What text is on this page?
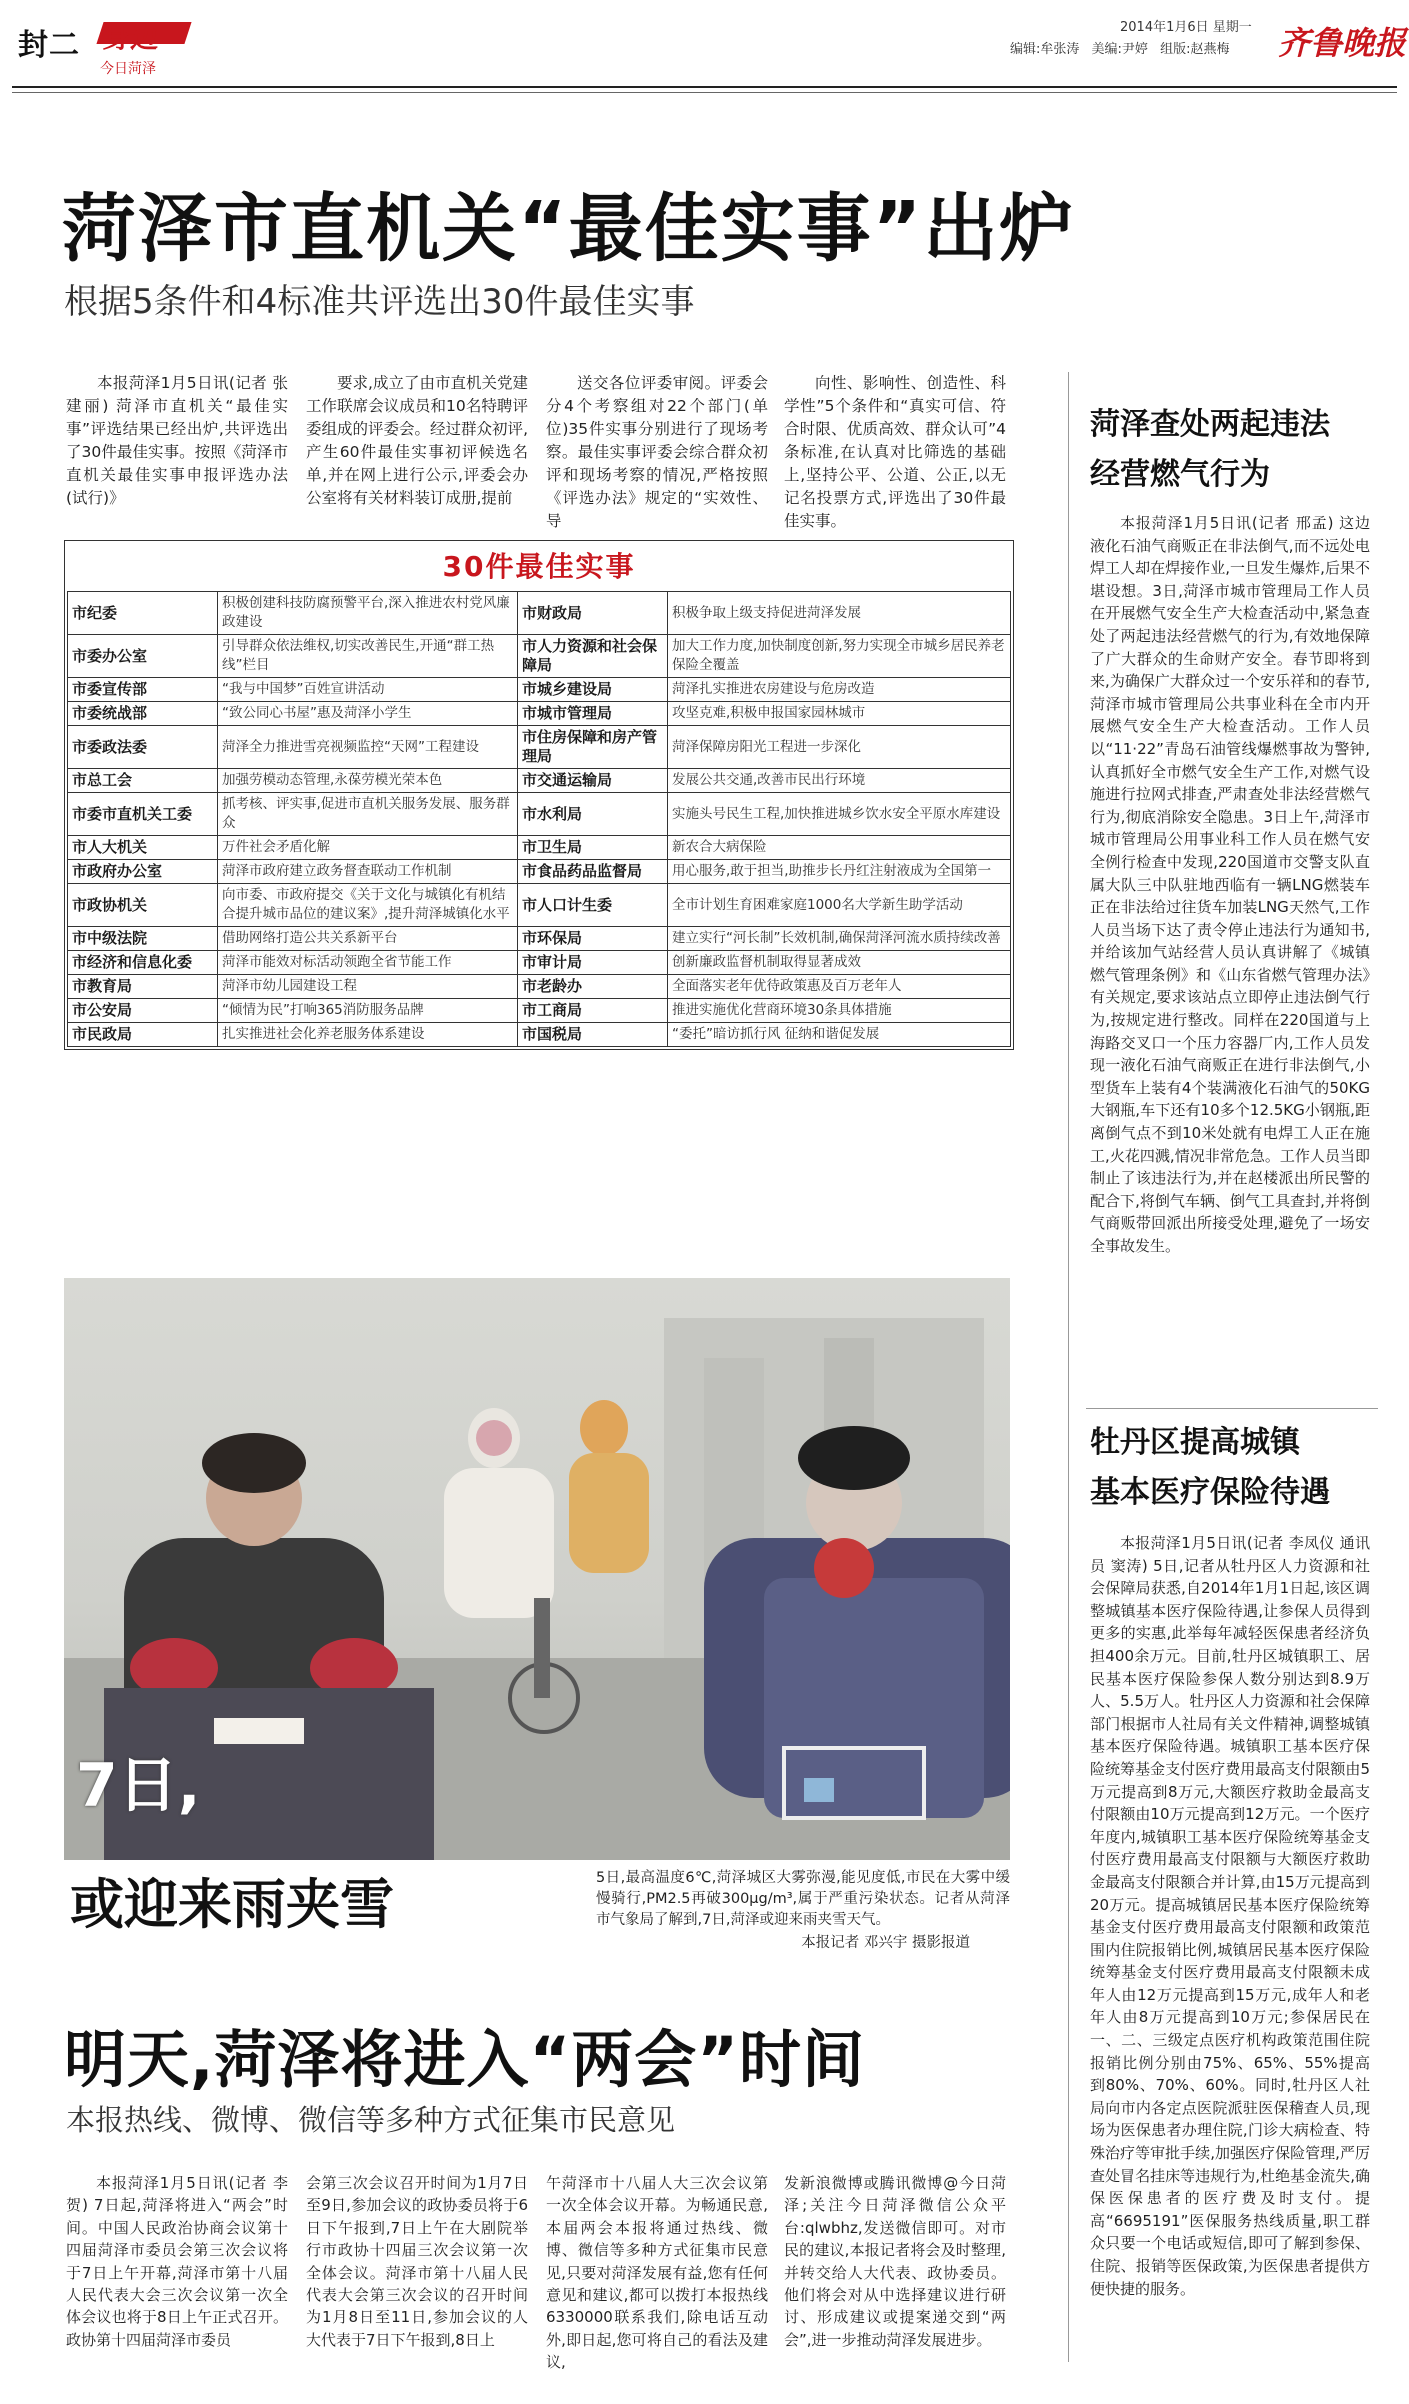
封二 身边
今日菏泽
2014年1月6日 星期一
编辑:牟张涛 美编:尹婷 组版:赵燕梅 齐鲁晚报
菏泽市直机关“最佳实事”出炉
根据5条件和4标准共评选出30件最佳实事

本报菏泽1月5日讯(记者 张建丽) 菏泽市直机关“最佳实事”评选结果已经出炉,共评选出了30件最佳实事。按照《菏泽市直机关最佳实事申报评选办法(试行)》

要求,成立了由市直机关党建工作联席会议成员和10名特聘评委组成的评委会。经过群众初评,产生60件最佳实事初评候选名单,并在网上进行公示,评委会办公室将有关材料装订成册,提前

送交各位评委审阅。评委会分4个考察组对22个部门(单位)35件实事分别进行了现场考察。最佳实事评委会综合群众初评和现场考察的情况,严格按照《评选办法》规定的“实效性、导

向性、影响性、创造性、科学性”5个条件和“真实可信、符合时限、优质高效、群众认可”4条标准,在认真对比筛选的基础上,坚持公平、公道、公正,以无记名投票方式,评选出了30件最佳实事。

30件最佳实事
市纪委	积极创建科技防腐预警平台,深入推进农村党风廉政建设	市财政局	积极争取上级支持促进菏泽发展
市委办公室	引导群众依法维权,切实改善民生,开通“群工热线”栏目	市人力资源和社会保障局	加大工作力度,加快制度创新,努力实现全市城乡居民养老保险全覆盖
市委宣传部	“我与中国梦”百姓宣讲活动	市城乡建设局	菏泽扎实推进农房建设与危房改造
市委统战部	“致公同心书屋”惠及菏泽小学生	市城市管理局	攻坚克难,积极申报国家园林城市
市委政法委	菏泽全力推进雪亮视频监控“天网”工程建设	市住房保障和房产管理局	菏泽保障房阳光工程进一步深化
市总工会	加强劳模动态管理,永葆劳模光荣本色	市交通运输局	发展公共交通,改善市民出行环境
市委市直机关工委	抓考核、评实事,促进市直机关服务发展、服务群众	市水利局	实施头号民生工程,加快推进城乡饮水安全平原水库建设
市人大机关	万件社会矛盾化解	市卫生局	新农合大病保险
市政府办公室	菏泽市政府建立政务督查联动工作机制	市食品药品监督局	用心服务,敢于担当,助推步长丹红注射液成为全国第一
市政协机关	向市委、市政府提交《关于文化与城镇化有机结合提升城市品位的建议案》,提升菏泽城镇化水平	市人口计生委	全市计划生育困难家庭1000名大学新生助学活动
市中级法院	借助网络打造公共关系新平台	市环保局	建立实行“河长制”长效机制,确保菏泽河流水质持续改善
市经济和信息化委	菏泽市能效对标活动领跑全省节能工作	市审计局	创新廉政监督机制取得显著成效
市教育局	菏泽市幼儿园建设工程	市老龄办	全面落实老年优待政策惠及百万老年人
市公安局	“倾情为民”打响365消防服务品牌	市工商局	推进实施优化营商环境30条具体措施
市民政局	扎实推进社会化养老服务体系建设	市国税局	“委托”暗访抓行风 征纳和谐促发展
菏泽查处两起违法
经营燃气行为

本报菏泽1月5日讯(记者 邢孟) 这边液化石油气商贩正在非法倒气,而不远处电焊工人却在焊接作业,一旦发生爆炸,后果不堪设想。3日,菏泽市城市管理局工作人员在开展燃气安全生产大检查活动中,紧急查处了两起违法经营燃气的行为,有效地保障了广大群众的生命财产安全。春节即将到来,为确保广大群众过一个安乐祥和的春节,菏泽市城市管理局公共事业科在全市内开展燃气安全生产大检查活动。工作人员以“11·22”青岛石油管线爆燃事故为警钟,认真抓好全市燃气安全生产工作,对燃气设施进行拉网式排查,严肃查处非法经营燃气行为,彻底消除安全隐患。3日上午,菏泽市城市管理局公用事业科工作人员在燃气安全例行检查中发现,220国道市交警支队直属大队三中队驻地西临有一辆LNG燃装车正在非法给过往货车加装LNG天然气,工作人员当场下达了责令停止违法行为通知书,并给该加气站经营人员认真讲解了《城镇燃气管理条例》和《山东省燃气管理办法》有关规定,要求该站点立即停止违法倒气行为,按规定进行整改。同样在220国道与上海路交叉口一个压力容器厂内,工作人员发现一液化石油气商贩正在进行非法倒气,小型货车上装有4个装满液化石油气的50KG大钢瓶,车下还有10多个12.5KG小钢瓶,距离倒气点不到10米处就有电焊工人正在施工,火花四溅,情况非常危急。工作人员当即制止了该违法行为,并在赵楼派出所民警的配合下,将倒气车辆、倒气工具查封,并将倒气商贩带回派出所接受处理,避免了一场安全事故发生。

牡丹区提高城镇
基本医疗保险待遇

本报菏泽1月5日讯(记者 李凤仪 通讯员 窦涛) 5日,记者从牡丹区人力资源和社会保障局获悉,自2014年1月1日起,该区调整城镇基本医疗保险待遇,让参保人员得到更多的实惠,此举每年减轻医保患者经济负担400余万元。目前,牡丹区城镇职工、居民基本医疗保险参保人数分别达到8.9万人、5.5万人。牡丹区人力资源和社会保障部门根据市人社局有关文件精神,调整城镇基本医疗保险待遇。城镇职工基本医疗保险统筹基金支付医疗费用最高支付限额由5万元提高到8万元,大额医疗救助金最高支付限额由10万元提高到12万元。一个医疗年度内,城镇职工基本医疗保险统筹基金支付医疗费用最高支付限额与大额医疗救助金最高支付限额合并计算,由15万元提高到20万元。提高城镇居民基本医疗保险统筹基金支付医疗费用最高支付限额和政策范围内住院报销比例,城镇居民基本医疗保险统筹基金支付医疗费用最高支付限额未成年人由12万元提高到15万元,成年人和老年人由8万元提高到10万元;参保居民在一、二、三级定点医疗机构政策范围住院报销比例分别由75%、65%、55%提高到80%、70%、60%。同时,牡丹区人社局向市内各定点医院派驻医保稽查人员,现场为医保患者办理住院,门诊大病检查、特殊治疗等审批手续,加强医疗保险管理,严厉查处冒名挂床等违规行为,杜绝基金流失,确保医保患者的医疗费及时支付。提高“6695191”医保服务热线质量,职工群众只要一个电话或短信,即可了解到参保、住院、报销等医保政策,为医保患者提供方便快捷的服务。

7日,
或迎来雨夹雪	5日,最高温度6℃,菏泽城区大雾弥漫,能见度低,市民在大雾中缓慢骑行,PM2.5再破300μg/m³,属于严重污染状态。记者从菏泽市气象局了解到,7日,菏泽或迎来雨夹雪天气。

本报记者 邓兴宇 摄影报道

明天,菏泽将进入“两会”时间
本报热线、微博、微信等多种方式征集市民意见

本报菏泽1月5日讯(记者 李贺) 7日起,菏泽将进入“两会”时间。中国人民政治协商会议第十四届菏泽市委员会第三次会议将于7日上午开幕,菏泽市第十八届人民代表大会三次会议第一次全体会议也将于8日上午正式召开。政协第十四届菏泽市委员

会第三次会议召开时间为1月7日至9日,参加会议的政协委员将于6日下午报到,7日上午在大剧院举行市政协十四届三次会议第一次全体会议。菏泽市第十八届人民代表大会第三次会议的召开时间为1月8日至11日,参加会议的人大代表于7日下午报到,8日上

午菏泽市十八届人大三次会议第一次全体会议开幕。为畅通民意,本届两会本报将通过热线、微博、微信等多种方式征集市民意见,只要对菏泽发展有益,您有任何意见和建议,都可以拨打本报热线6330000联系我们,除电话互动外,即日起,您可将自己的看法及建议,

发新浪微博或腾讯微博@今日菏泽;关注今日菏泽微信公众平台:qlwbhz,发送微信即可。对市民的建议,本报记者将会及时整理,并转交给人大代表、政协委员。他们将会对从中选择建议进行研讨、形成建议或提案递交到“两会”,进一步推动菏泽发展进步。
